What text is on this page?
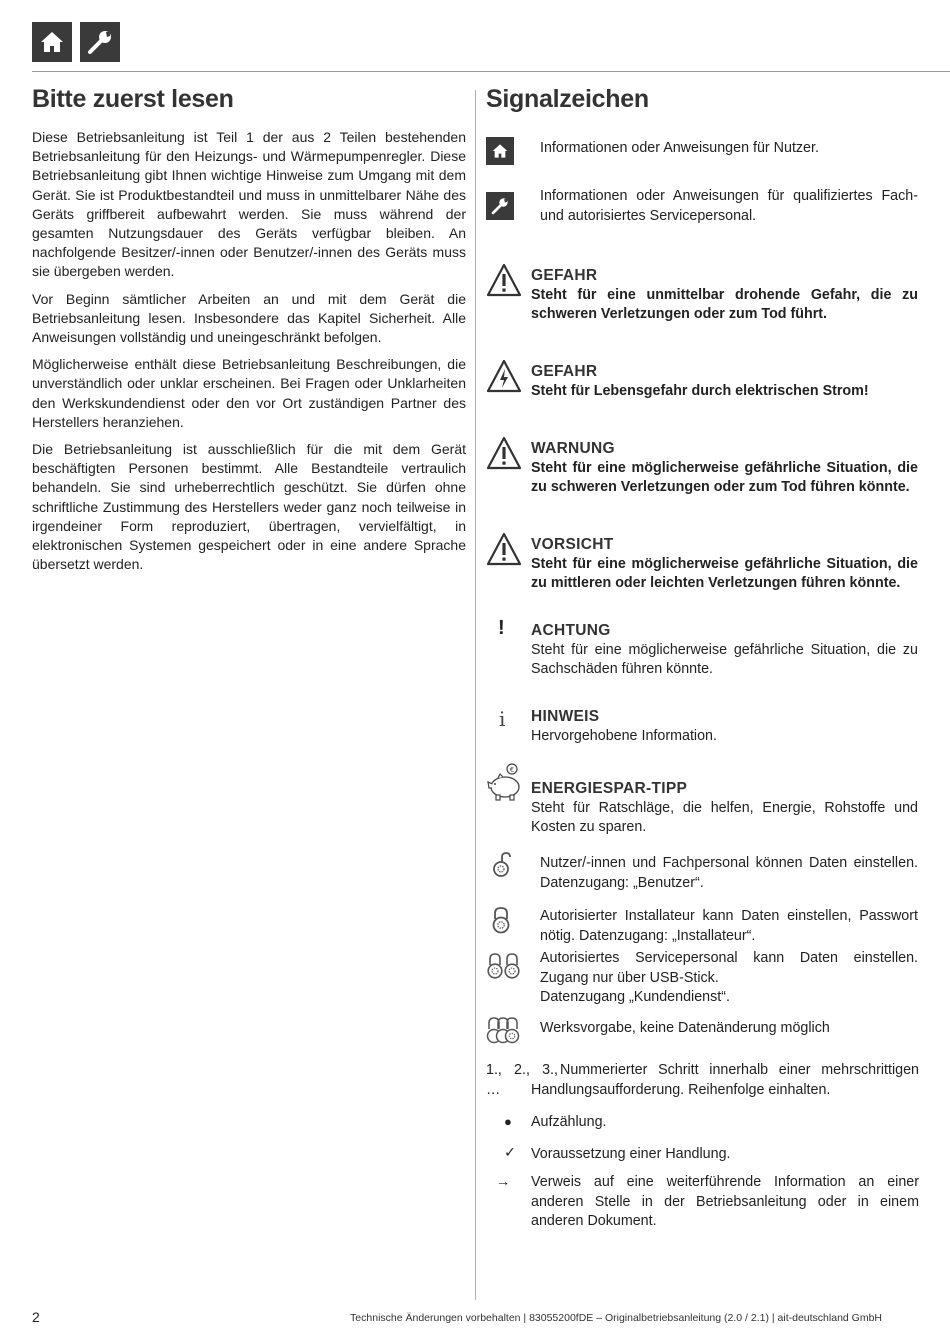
Bitte zuerst lesen

Diese Betriebsanleitung ist Teil 1 der aus 2 Teilen bestehenden Betriebsanleitung für den Heizungs- und Wärmepumpenregler. Diese Betriebsanleitung gibt Ihnen wichtige Hinweise zum Umgang mit dem Gerät. Sie ist Produktbestandteil und muss in unmittelbarer Nähe des Geräts griffbereit aufbewahrt werden. Sie muss während der gesamten Nutzungsdauer des Geräts verfügbar bleiben. An nachfolgende Besitzer/-innen oder Benutzer/-innen des Geräts muss sie übergeben werden.

Vor Beginn sämtlicher Arbeiten an und mit dem Gerät die Betriebsanleitung lesen. Insbesondere das Kapitel Sicherheit. Alle Anweisungen vollständig und uneingeschränkt befolgen.

Möglicherweise enthält diese Betriebsanleitung Beschreibungen, die unverständlich oder unklar erscheinen. Bei Fragen oder Unklarheiten den Werkskundendienst oder den vor Ort zuständigen Partner des Herstellers heranziehen.

Die Betriebsanleitung ist ausschließlich für die mit dem Gerät beschäftigten Personen bestimmt. Alle Bestandteile vertraulich behandeln. Sie sind urheberrechtlich geschützt. Sie dürfen ohne schriftliche Zustimmung des Herstellers weder ganz noch teilweise in irgendeiner Form reproduziert, übertragen, vervielfältigt, in elektronischen Systemen gespeichert oder in eine andere Sprache übersetzt werden.

Signalzeichen
Informationen oder Anweisungen für Nutzer.
Informationen oder Anweisungen für qualifiziertes Fach- und autorisiertes Servicepersonal.
GEFAHR
Steht für eine unmittelbar drohende Gefahr, die zu schweren Verletzungen oder zum Tod führt.
GEFAHR
Steht für Lebensgefahr durch elektrischen Strom!
WARNUNG
Steht für eine möglicherweise gefährliche Situation, die zu schweren Verletzungen oder zum Tod führen könnte.
VORSICHT
Steht für eine möglicherweise gefährliche Situation, die zu mittleren oder leichten Verletzungen führen könnte.
! ACHTUNG
Steht für eine möglicherweise gefährliche Situation, die zu Sachschäden führen könnte.
i HINWEIS
Hervorgehobene Information.
€
ENERGIESPAR-TIPP
Steht für Ratschläge, die helfen, Energie, Rohstoffe und Kosten zu sparen.
Nutzer/-innen und Fachpersonal können Daten einstellen. Datenzugang: „Benutzer“.
Autorisierter Installateur kann Daten einstellen, Passwort nötig. Datenzugang: „Installateur“.
Autorisiertes Servicepersonal kann Daten einstellen. Zugang nur über USB-Stick.
Datenzugang „Kundendienst“.
Werksvorgabe, keine Datenänderung möglich
1., 2., 3., …
Nummerierter Schritt innerhalb einer mehrschrittigen Handlungsaufforderung. Reihenfolge einhalten.
● Aufzählung.
✓ Voraussetzung einer Handlung.
→ Verweis auf eine weiterführende Information an einer anderen Stelle in der Betriebsanleitung oder in einem anderen Dokument.
2	Technische Änderungen vorbehalten | 83055200fDE – Originalbetriebsanleitung (2.0 / 2.1) | ait-deutschland GmbH
